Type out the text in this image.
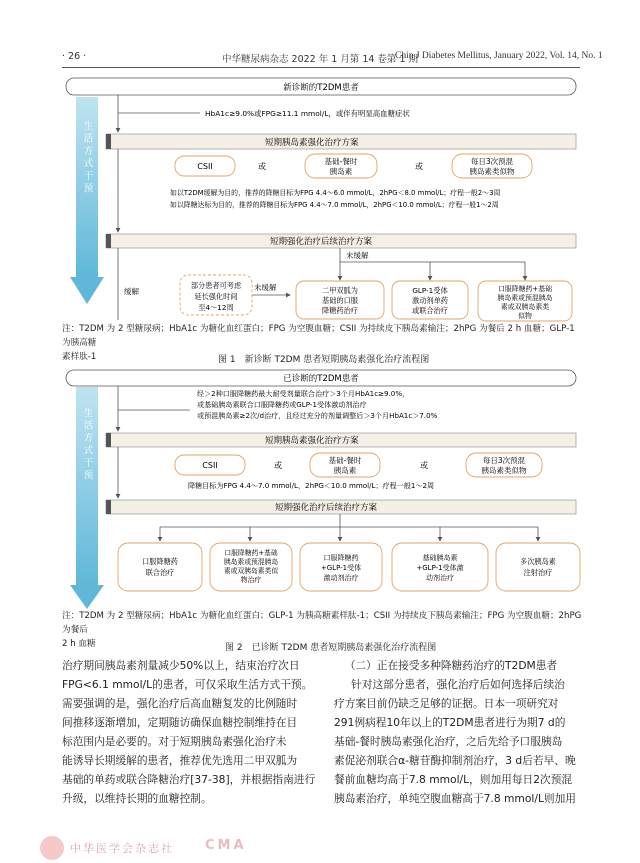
· 26 ·	中华糖尿病杂志 2022 年 1 月第 14 卷第 1 期
Chin J Diabetes Mellitus, January 2022, Vol. 14, No. 1
生活方式干预
新诊断的T2DM患者
HbA1c≥9.0%或FPG≥11.1 mmol/L，或伴有明显高血糖症状
短期胰岛素强化治疗方案
CSII	或
基础-餐时
胰岛素
或
每日3次预混
胰岛素类似物
如以T2DM缓解为目的，推荐的降糖目标为FPG 4.4～6.0 mmol/L，2hPG＜8.0 mmol/L；疗程一般2～3周
如以降糖达标为目的，推荐的降糖目标为FPG 4.4～7.0 mmol/L，2hPG＜10.0 mmol/L；疗程一般1～2周
短期强化治疗后续治疗方案
缓解
未缓解
未缓解
部分患者可考虑
延长强化时间
至4～12周
二甲双胍为
基础的口服
降糖药治疗
GLP-1受体
激动剂单药
或联合治疗
口服降糖药+基础
胰岛素或预混胰岛
素或双胰岛素类
似物
注：T2DM 为 2 型糖尿病；HbA1c 为糖化血红蛋白；FPG 为空腹血糖；CSII 为持续皮下胰岛素输注；2hPG 为餐后 2 h 血糖；GLP-1 为胰高糖
素样肽-1	图 1　新诊断 T2DM 患者短期胰岛素强化治疗流程图
生活方式干预
已诊断的T2DM患者
经＞2种口服降糖药最大耐受剂量联合治疗＞3个月HbA1c≥9.0%，
或基础胰岛素联合口服降糖药或GLP-1受体激动剂治疗
或预混胰岛素≥2次/d治疗，且经过充分的剂量调整后＞3个月HbA1c＞7.0%
短期胰岛素强化治疗方案
CSII	或
基础-餐时
胰岛素
或
每日3次预混
胰岛素类似物
降糖目标为FPG 4.4～7.0 mmol/L，2hPG＜10.0 mmol/L；疗程一般1～2周
短期强化治疗后续治疗方案
口服降糖药
联合治疗
口服降糖药+基础
胰岛素或预混胰岛
素或双胰岛素类似
物治疗
口服降糖药
+GLP-1受体
激动剂治疗
基础胰岛素
+GLP-1受体激
动剂治疗
多次胰岛素
注射治疗
注：T2DM 为 2 型糖尿病；HbA1c 为糖化血红蛋白；GLP-1 为胰高糖素样肽-1；CSII 为持续皮下胰岛素输注；FPG 为空腹血糖；2hPG 为餐后
2 h 血糖	图 2　已诊断 T2DM 患者短期胰岛素强化治疗流程图
治疗期间胰岛素剂量减少50%以上，结束治疗次日
FPG<6.1 mmol/L的患者，可仅采取生活方式干预。
需要强调的是，强化治疗后高血糖复发的比例随时
间推移逐渐增加，定期随访确保血糖控制维持在目
标范围内是必要的。对于短期胰岛素强化治疗未
能诱导长期缓解的患者，推荐优先选用二甲双胍为
基础的单药或联合降糖治疗[37-38]，并根据指南进行
升级，以维持长期的血糖控制。
（二）正在接受多种降糖药治疗的T2DM患者
针对这部分患者，强化治疗后如何选择后续治
疗方案目前仍缺乏足够的证据。日本一项研究对
291例病程10年以上的T2DM患者进行为期7 d的
基础-餐时胰岛素强化治疗，之后先给予口服胰岛
素促泌剂联合α-糖苷酶抑制剂治疗，3 d后若早、晚
餐前血糖均高于7.8 mmol/L，则加用每日2次预混
胰岛素治疗，单纯空腹血糖高于7.8 mmol/L则加用
中华医学会杂志社 CMA
